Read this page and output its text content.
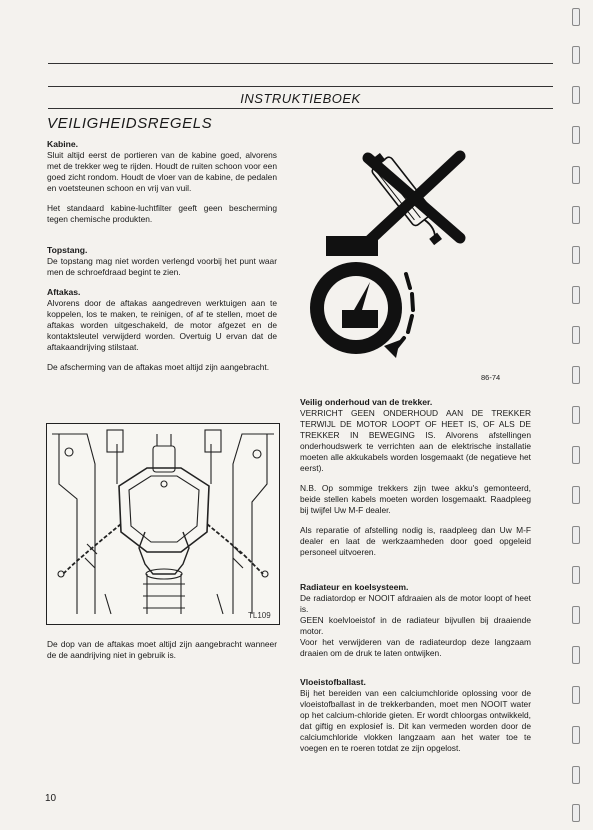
INSTRUKTIEBOEK
VEILIGHEIDSREGELS
Kabine.

Sluit altijd eerst de portieren van de kabine goed, alvorens met de trekker weg te rijden. Houdt de ruiten schoon voor een goed zicht rondom. Houdt de vloer van de kabine, de pedalen en voetsteunen schoon en vrij van vuil.

Het standaard kabine-luchtfilter geeft geen bescherming tegen chemische produkten.

Topstang.

De topstang mag niet worden verlengd voorbij het punt waar men de schroefdraad begint te zien.

Aftakas.

Alvorens door de aftakas aangedreven werktuigen aan te koppelen, los te maken, te reinigen, of af te stellen, moet de aftakas worden uitgeschakeld, de motor afgezet en de kontaktsleutel verwijderd worden. Overtuig U ervan dat de aftakaandrijving stilstaat.

De afscherming van de aftakas moet altijd zijn aangebracht.

TL109

De dop van de aftakas moet altijd zijn aangebracht wanneer de de aandrijving niet in gebruik is.

86-74
Veilig onderhoud van de trekker.

VERRICHT GEEN ONDERHOUD AAN DE TREKKER TERWIJL DE MOTOR LOOPT OF HEET IS, OF ALS DE TREKKER IN BEWEGING IS. Alvorens afstellingen onderhoudswerk te verrichten aan de elektrische installatie moeten alle akkukabels worden losgemaakt (de negatieve het eerst).

N.B. Op sommige trekkers zijn twee akku's gemonteerd, beide stellen kabels moeten worden losgemaakt. Raadpleeg bij twijfel Uw M-F dealer.

Als reparatie of afstelling nodig is, raadpleeg dan Uw M-F dealer en laat de werkzaamheden door goed opgeleid personeel uitvoeren.

Radiateur en koelsysteem.

De radiatordop er NOOIT afdraaien als de motor loopt of heet is.

GEEN koelvloeistof in de radiateur bijvullen bij draaiende motor.

Voor het verwijderen van de radiateurdop deze langzaam draaien om de druk te laten ontwijken.

Vloeistofballast.

Bij het bereiden van een calciumchloride oplossing voor de vloeistofballast in de trekkerbanden, moet men NOOIT water op het calcium-chloride gieten. Er wordt chloorgas ontwikkeld, dat giftig en explosief is. Dit kan vermeden worden door de calciumchloride vlokken langzaam aan het water toe te voegen en te roeren totdat ze zijn opgelost.

10
